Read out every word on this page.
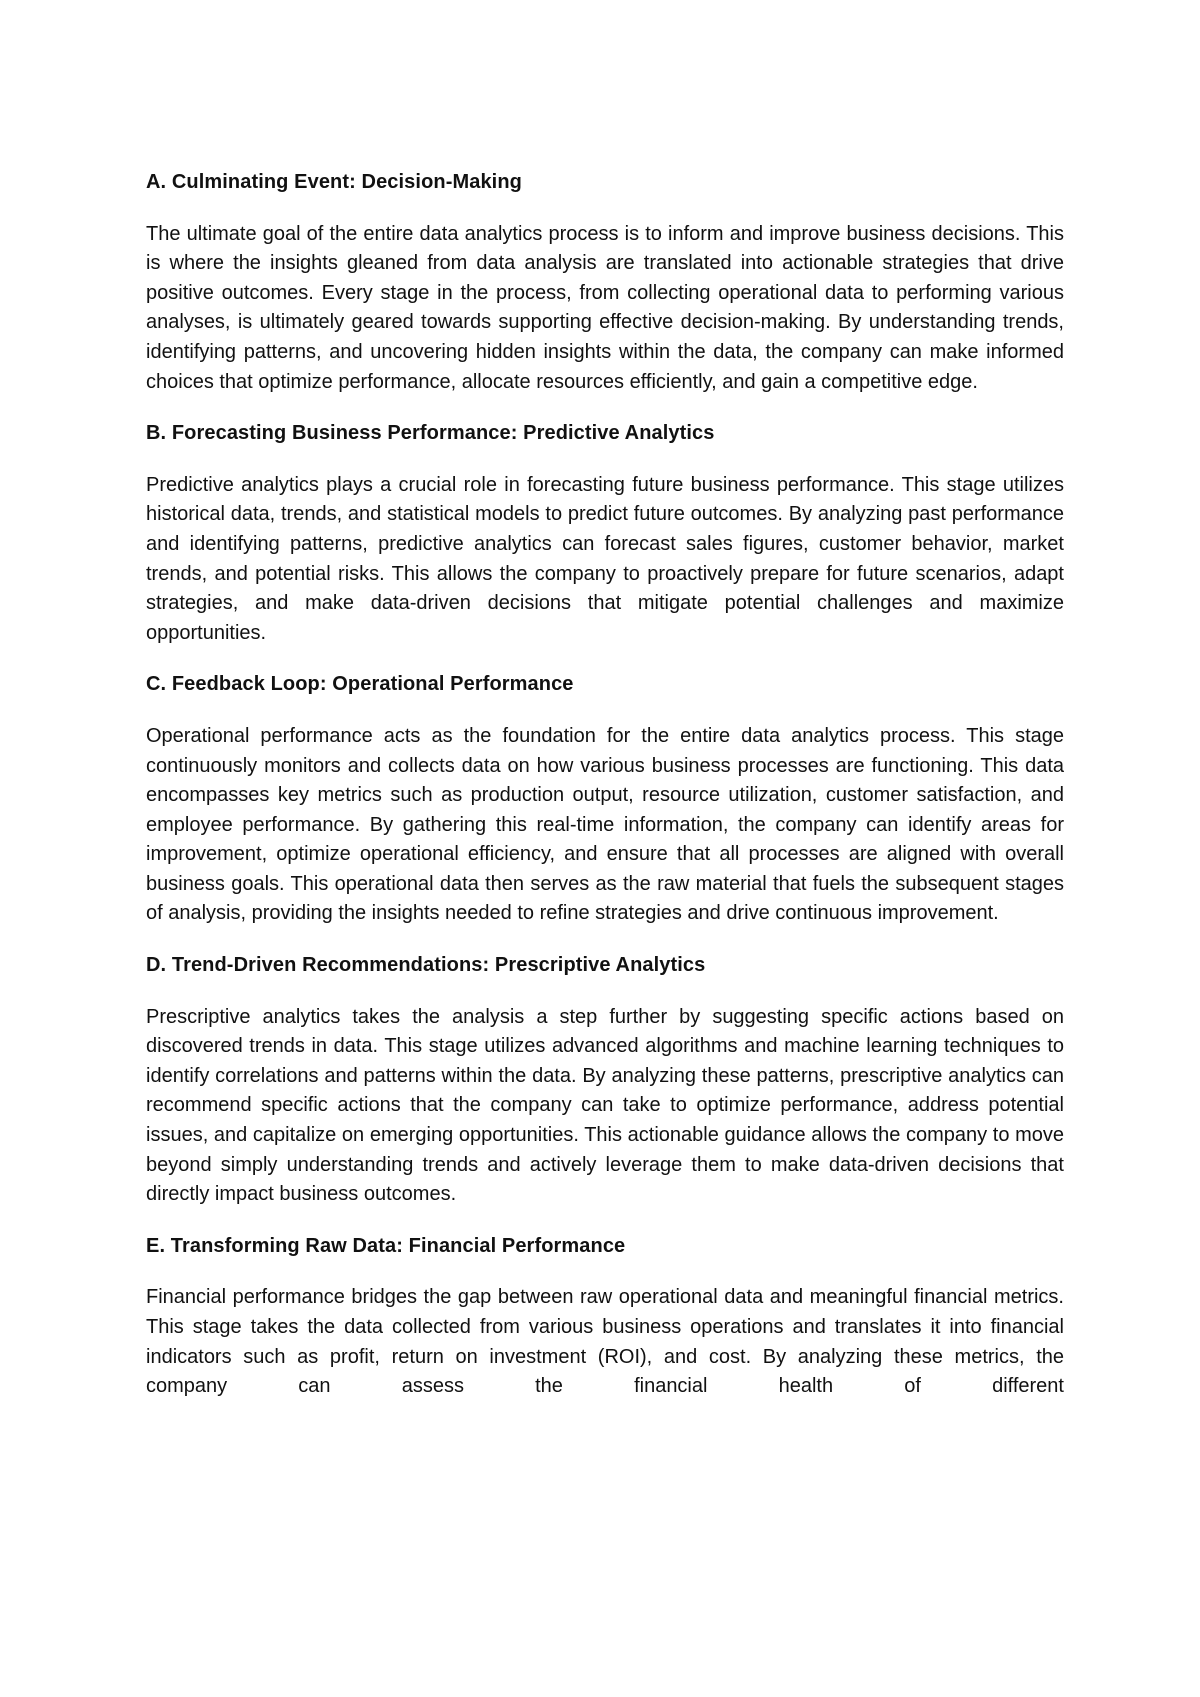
A. Culminating Event: Decision-Making

The ultimate goal of the entire data analytics process is to inform and improve business decisions. This is where the insights gleaned from data analysis are translated into actionable strategies that drive positive outcomes. Every stage in the process, from collecting operational data to performing various analyses, is ultimately geared towards supporting effective decision-making. By understanding trends, identifying patterns, and uncovering hidden insights within the data, the company can make informed choices that optimize performance, allocate resources efficiently, and gain a competitive edge.

B. Forecasting Business Performance: Predictive Analytics

Predictive analytics plays a crucial role in forecasting future business performance. This stage utilizes historical data, trends, and statistical models to predict future outcomes. By analyzing past performance and identifying patterns, predictive analytics can forecast sales figures, customer behavior, market trends, and potential risks. This allows the company to proactively prepare for future scenarios, adapt strategies, and make data-driven decisions that mitigate potential challenges and maximize opportunities.

C. Feedback Loop: Operational Performance

Operational performance acts as the foundation for the entire data analytics process. This stage continuously monitors and collects data on how various business processes are functioning. This data encompasses key metrics such as production output, resource utilization, customer satisfaction, and employee performance. By gathering this real-time information, the company can identify areas for improvement, optimize operational efficiency, and ensure that all processes are aligned with overall business goals. This operational data then serves as the raw material that fuels the subsequent stages of analysis, providing the insights needed to refine strategies and drive continuous improvement.

D. Trend-Driven Recommendations: Prescriptive Analytics

Prescriptive analytics takes the analysis a step further by suggesting specific actions based on discovered trends in data. This stage utilizes advanced algorithms and machine learning techniques to identify correlations and patterns within the data. By analyzing these patterns, prescriptive analytics can recommend specific actions that the company can take to optimize performance, address potential issues, and capitalize on emerging opportunities. This actionable guidance allows the company to move beyond simply understanding trends and actively leverage them to make data-driven decisions that directly impact business outcomes.

E. Transforming Raw Data: Financial Performance

Financial performance bridges the gap between raw operational data and meaningful financial metrics. This stage takes the data collected from various business operations and translates it into financial indicators such as profit, return on investment (ROI), and cost. By analyzing these metrics, the company can assess the financial health of different
